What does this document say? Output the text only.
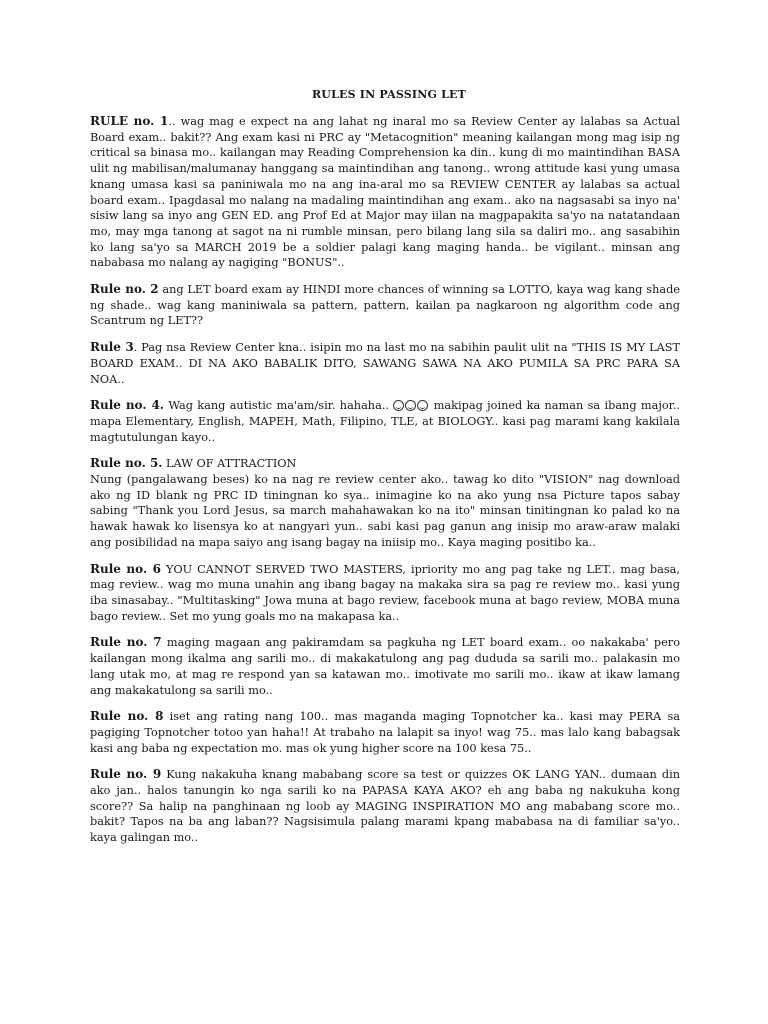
RULES IN PASSING LET

RULE no. 1.. wag mag e expect na ang lahat ng inaral mo sa Review Center ay lalabas sa Actual Board exam.. bakit?? Ang exam kasi ni PRC ay "Metacognition" meaning kailangan mong mag isip ng critical sa binasa mo.. kailangan may Reading Comprehension ka din.. kung di mo maintindihan BASA ulit ng mabilisan/malumanay hanggang sa maintindihan ang tanong.. wrong attitude kasi yung umasa knang umasa kasi sa paniniwala mo na ang ina-aral mo sa REVIEW CENTER ay lalabas sa actual board exam.. Ipagdasal mo nalang na madaling maintindihan ang exam.. ako na nagsasabi sa inyo na' sisiw lang sa inyo ang GEN ED. ang Prof Ed at Major may iilan na magpapakita sa'yo na natatandaan mo, may mga tanong at sagot na ni rumble minsan, pero bilang lang sila sa daliri mo.. ang sasabihin ko lang sa'yo sa MARCH 2019 be a soldier palagi kang maging handa.. be vigilant.. minsan ang nababasa mo nalang ay nagiging "BONUS"..

Rule no. 2 ang LET board exam ay HINDI more chances of winning sa LOTTO, kaya wag kang shade ng shade.. wag kang maniniwala sa pattern, pattern, kailan pa nagkaroon ng algorithm code ang Scantrum ng LET??

Rule 3. Pag nsa Review Center kna.. isipin mo na last mo na sabihin paulit ulit na "THIS IS MY LAST BOARD EXAM.. DI NA AKO BABALIK DITO, SAWANG SAWA NA AKO PUMILA SA PRC PARA SA NOA..

Rule no. 4. Wag kang autistic ma'am/sir. hahaha..	makipag joined ka naman sa ibang major.. mapa Elementary, English, MAPEH, Math, Filipino, TLE, at BIOLOGY.. kasi pag marami kang kakilala magtutulungan kayo..

Rule no. 5. LAW OF ATTRACTION
Nung (pangalawang beses) ko na nag re review center ako.. tawag ko dito "VISION" nag download ako ng ID blank ng PRC ID tiningnan ko sya.. inimagine ko na ako yung nsa Picture tapos sabay sabing "Thank you Lord Jesus, sa march mahahawakan ko na ito" minsan tinitingnan ko palad ko na hawak hawak ko lisensya ko at nangyari yun.. sabi kasi pag ganun ang inisip mo araw-araw malaki ang posibilidad na mapa saiyo ang isang bagay na iniisip mo.. Kaya maging positibo ka..

Rule no. 6 YOU CANNOT SERVED TWO MASTERS, ipriority mo ang pag take ng LET.. mag basa, mag review.. wag mo muna unahin ang ibang bagay na makaka sira sa pag re review mo.. kasi yung iba sinasabay.. "Multitasking" Jowa muna at bago review, facebook muna at bago review, MOBA muna bago review.. Set mo yung goals mo na makapasa ka..

Rule no. 7 maging magaan ang pakiramdam sa pagkuha ng LET board exam.. oo nakakaba' pero kailangan mong ikalma ang sarili mo.. di makakatulong ang pag dududa sa sarili mo.. palakasin mo lang utak mo, at mag re respond yan sa katawan mo.. imotivate mo sarili mo.. ikaw at ikaw lamang ang makakatulong sa sarili mo..

Rule no. 8 iset ang rating nang 100.. mas maganda maging Topnotcher ka.. kasi may PERA sa pagiging Topnotcher totoo yan haha!! At trabaho na lalapit sa inyo! wag 75.. mas lalo kang babagsak kasi ang baba ng expectation mo. mas ok yung higher score na 100 kesa 75..

Rule no. 9 Kung nakakuha knang mababang score sa test or quizzes OK LANG YAN.. dumaan din ako jan.. halos tanungin ko nga sarili ko na PAPASA KAYA AKO? eh ang baba ng nakukuha kong score?? Sa halip na panghinaan ng loob ay MAGING INSPIRATION MO ang mababang score mo.. bakit? Tapos na ba ang laban?? Nagsisimula palang marami kpang mababasa na di familiar sa'yo.. kaya galingan mo..
